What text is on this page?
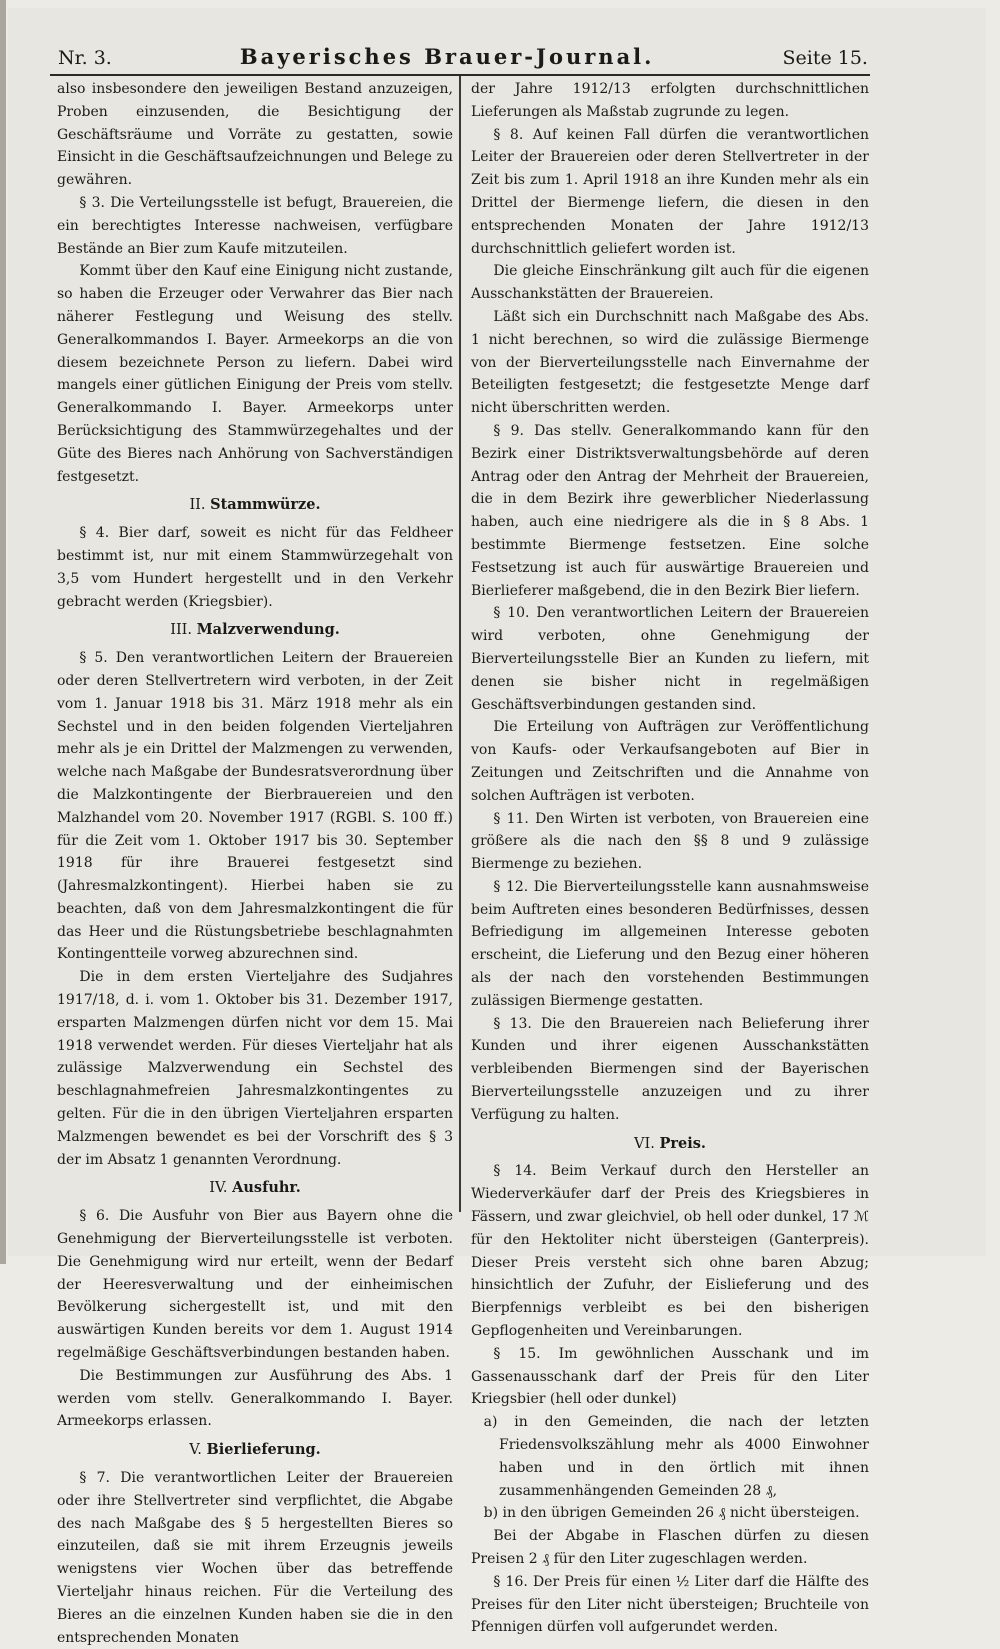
Nr. 3.	Bayerisches Brauer-Journal.	Seite 15.

also insbesondere den jeweiligen Bestand anzuzeigen, Proben einzusenden, die Besichtigung der Geschäftsräume und Vorräte zu gestatten, sowie Einsicht in die Geschäftsaufzeichnungen und Belege zu gewähren.

§ 3. Die Verteilungsstelle ist befugt, Brauereien, die ein berechtigtes Interesse nachweisen, verfügbare Bestände an Bier zum Kaufe mitzuteilen.

Kommt über den Kauf eine Einigung nicht zustande, so haben die Erzeuger oder Verwahrer das Bier nach näherer Festlegung und Weisung des stellv. Generalkommandos I. Bayer. Armeekorps an die von diesem bezeichnete Person zu liefern. Dabei wird mangels einer gütlichen Einigung der Preis vom stellv. Generalkommando I. Bayer. Armeekorps unter Berücksichtigung des Stammwürzegehaltes und der Güte des Bieres nach Anhörung von Sachverständigen festgesetzt.

II. Stammwürze.

§ 4. Bier darf, soweit es nicht für das Feldheer bestimmt ist, nur mit einem Stammwürzegehalt von 3,5 vom Hundert hergestellt und in den Verkehr gebracht werden (Kriegsbier).

III. Malzverwendung.

§ 5. Den verantwortlichen Leitern der Brauereien oder deren Stellvertretern wird verboten, in der Zeit vom 1. Januar 1918 bis 31. März 1918 mehr als ein Sechstel und in den beiden folgenden Vierteljahren mehr als je ein Drittel der Malzmengen zu verwenden, welche nach Maßgabe der Bundesratsverordnung über die Malzkontingente der Bierbrauereien und den Malzhandel vom 20. November 1917 (RGBl. S. 100 ff.) für die Zeit vom 1. Oktober 1917 bis 30. September 1918 für ihre Brauerei festgesetzt sind (Jahresmalzkontingent). Hierbei haben sie zu beachten, daß von dem Jahresmalzkontingent die für das Heer und die Rüstungsbetriebe beschlagnahmten Kontingentteile vorweg abzurechnen sind.

Die in dem ersten Vierteljahre des Sudjahres 1917/18, d. i. vom 1. Oktober bis 31. Dezember 1917, ersparten Malzmengen dürfen nicht vor dem 15. Mai 1918 verwendet werden. Für dieses Vierteljahr hat als zulässige Malzverwendung ein Sechstel des beschlagnahmefreien Jahresmalzkontingentes zu gelten. Für die in den übrigen Vierteljahren ersparten Malzmengen bewendet es bei der Vorschrift des § 3 der im Absatz 1 genannten Verordnung.

IV. Ausfuhr.

§ 6. Die Ausfuhr von Bier aus Bayern ohne die Genehmigung der Bierverteilungsstelle ist verboten. Die Genehmigung wird nur erteilt, wenn der Bedarf der Heeresverwaltung und der einheimischen Bevölkerung sichergestellt ist, und mit den auswärtigen Kunden bereits vor dem 1. August 1914 regelmäßige Geschäftsverbindungen bestanden haben.

Die Bestimmungen zur Ausführung des Abs. 1 werden vom stellv. Generalkommando I. Bayer. Armeekorps erlassen.

V. Bierlieferung.

§ 7. Die verantwortlichen Leiter der Brauereien oder ihre Stellvertreter sind verpflichtet, die Abgabe des nach Maßgabe des § 5 hergestellten Bieres so einzuteilen, daß sie mit ihrem Erzeugnis jeweils wenigstens vier Wochen über das betreffende Vierteljahr hinaus reichen. Für die Verteilung des Bieres an die einzelnen Kunden haben sie die in den entsprechenden Monaten

der Jahre 1912/13 erfolgten durchschnittlichen Lieferungen als Maßstab zugrunde zu legen.

§ 8. Auf keinen Fall dürfen die verantwortlichen Leiter der Brauereien oder deren Stellvertreter in der Zeit bis zum 1. April 1918 an ihre Kunden mehr als ein Drittel der Biermenge liefern, die diesen in den entsprechenden Monaten der Jahre 1912/13 durchschnittlich geliefert worden ist.

Die gleiche Einschränkung gilt auch für die eigenen Ausschankstätten der Brauereien.

Läßt sich ein Durchschnitt nach Maßgabe des Abs. 1 nicht berechnen, so wird die zulässige Biermenge von der Bierverteilungsstelle nach Einvernahme der Beteiligten festgesetzt; die festgesetzte Menge darf nicht überschritten werden.

§ 9. Das stellv. Generalkommando kann für den Bezirk einer Distriktsverwaltungsbehörde auf deren Antrag oder den Antrag der Mehrheit der Brauereien, die in dem Bezirk ihre gewerblicher Niederlassung haben, auch eine niedrigere als die in § 8 Abs. 1 bestimmte Biermenge festsetzen. Eine solche Festsetzung ist auch für auswärtige Brauereien und Bierlieferer maßgebend, die in den Bezirk Bier liefern.

§ 10. Den verantwortlichen Leitern der Brauereien wird verboten, ohne Genehmigung der Bierverteilungsstelle Bier an Kunden zu liefern, mit denen sie bisher nicht in regelmäßigen Geschäftsverbindungen gestanden sind.

Die Erteilung von Aufträgen zur Veröffentlichung von Kaufs- oder Verkaufsangeboten auf Bier in Zeitungen und Zeitschriften und die Annahme von solchen Aufträgen ist verboten.

§ 11. Den Wirten ist verboten, von Brauereien eine größere als die nach den §§ 8 und 9 zulässige Biermenge zu beziehen.

§ 12. Die Bierverteilungsstelle kann ausnahmsweise beim Auftreten eines besonderen Bedürfnisses, dessen Befriedigung im allgemeinen Interesse geboten erscheint, die Lieferung und den Bezug einer höheren als der nach den vorstehenden Bestimmungen zulässigen Biermenge gestatten.

§ 13. Die den Brauereien nach Belieferung ihrer Kunden und ihrer eigenen Ausschankstätten verbleibenden Biermengen sind der Bayerischen Bierverteilungsstelle anzuzeigen und zu ihrer Verfügung zu halten.

VI. Preis.

§ 14. Beim Verkauf durch den Hersteller an Wiederverkäufer darf der Preis des Kriegsbieres in Fässern, und zwar gleichviel, ob hell oder dunkel, 17 ℳ für den Hektoliter nicht übersteigen (Ganterpreis). Dieser Preis versteht sich ohne baren Abzug; hinsichtlich der Zufuhr, der Eislieferung und des Bierpfennigs verbleibt es bei den bisherigen Gepflogenheiten und Vereinbarungen.

§ 15. Im gewöhnlichen Ausschank und im Gassenausschank darf der Preis für den Liter Kriegsbier (hell oder dunkel)

a) in den Gemeinden, die nach der letzten Friedensvolkszählung mehr als 4000 Einwohner haben und in den örtlich mit ihnen zusammenhängenden Gemeinden 28 ₰,

b) in den übrigen Gemeinden 26 ₰ nicht übersteigen.

Bei der Abgabe in Flaschen dürfen zu diesen Preisen 2 ₰ für den Liter zugeschlagen werden.

§ 16. Der Preis für einen ½ Liter darf die Hälfte des Preises für den Liter nicht übersteigen; Bruchteile von Pfennigen dürfen voll aufgerundet werden.
